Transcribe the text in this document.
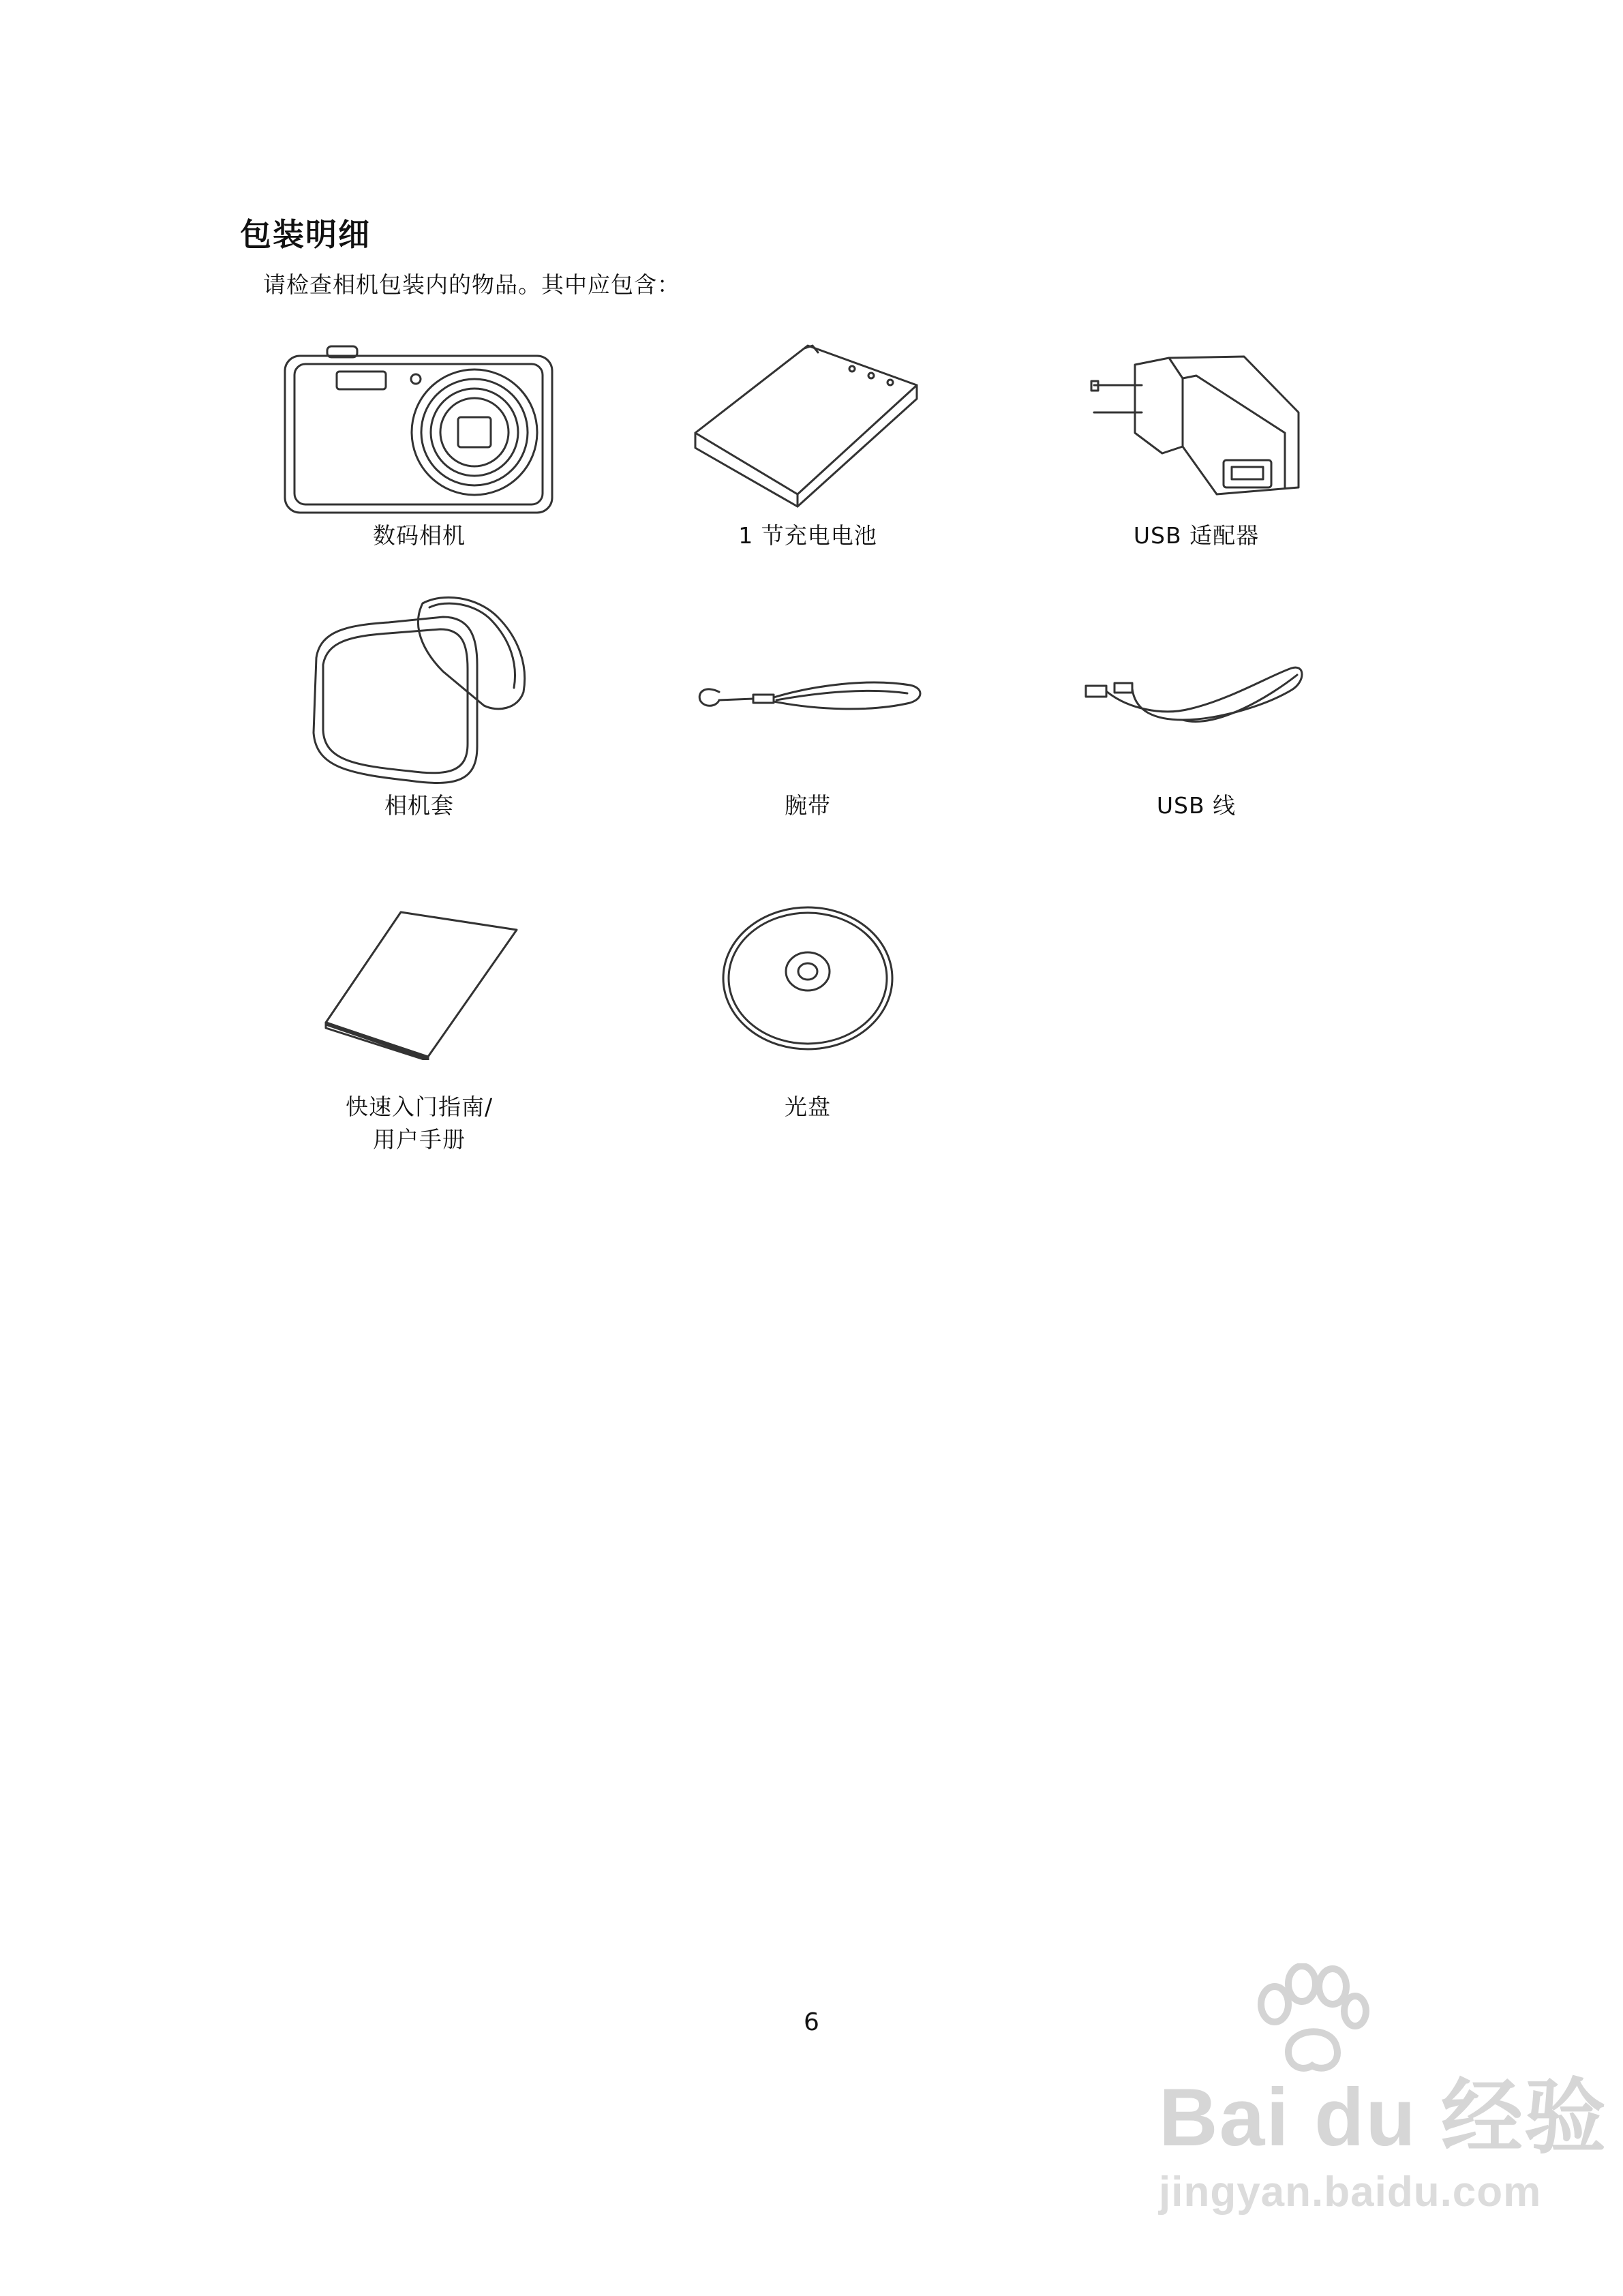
包装明细
请检查相机包装内的物品。其中应包含：
数码相机	1 节充电电池	USB 适配器
相机套	腕带	USB 线
快速入门指南/
用户手册
光盘
6
Bai du 经验
jingyan.baidu.com
